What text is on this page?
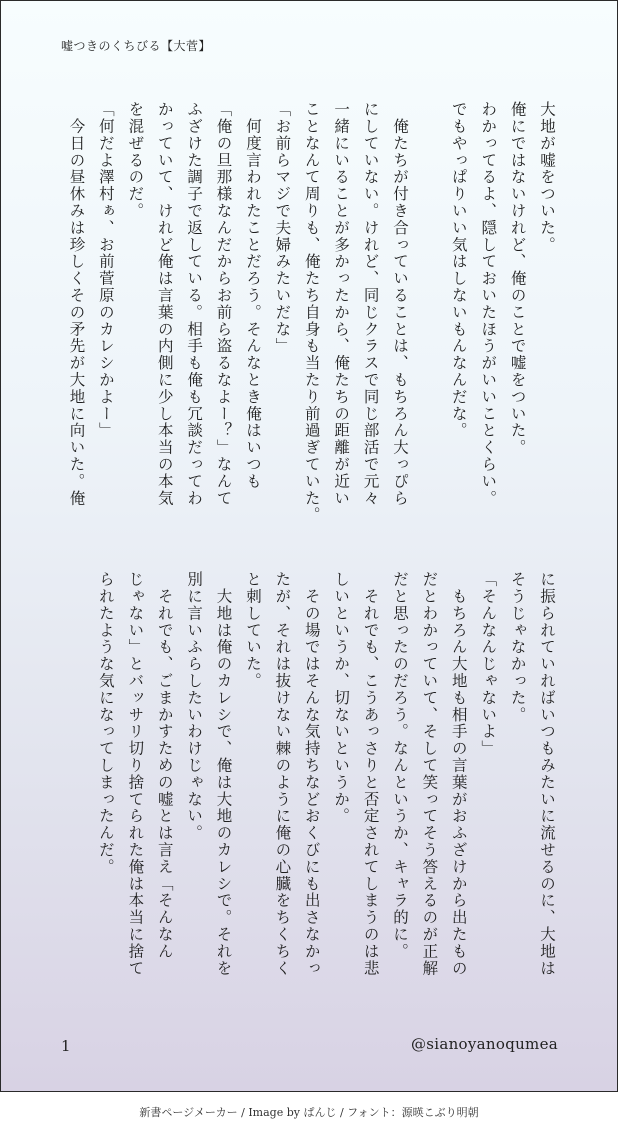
嘘つきのくちびる【大菅】

大地が嘘をついた。

俺にではないけれど、俺のことで嘘をついた。

わかってるよ、隠しておいたほうがいいことくらい。

でもやっぱりいい気はしないもんなんだな。

　俺たちが付き合っていることは、もちろん大っぴら

にしていない。けれど、同じクラスで同じ部活で元々

一緒にいることが多かったから、俺たちの距離が近い

ことなんて周りも、俺たち自身も当たり前過ぎていた。

「お前らマジで夫婦みたいだな」

　何度言われたことだろう。そんなとき俺はいつも

「俺の旦那様なんだからお前ら盗るなよー？」なんて

ふざけた調子で返している。相手も俺も冗談だってわ

かっていて、けれど俺は言葉の内側に少し本当の本気

を混ぜるのだ。

「何だよ澤村ぁ、お前菅原のカレシかよー」

　今日の昼休みは珍しくその矛先が大地に向いた。俺

に振られていればいつもみたいに流せるのに、大地は

そうじゃなかった。

「そんなんじゃないよ」

　もちろん大地も相手の言葉がおふざけから出たもの

だとわかっていて、そして笑ってそう答えるのが正解

だと思ったのだろう。なんというか、キャラ的に。

　それでも、こうあっさりと否定されてしまうのは悲

しいというか、切ないというか。

　その場ではそんな気持ちなどおくびにも出さなかっ

たが、それは抜けない棘のように俺の心臓をちくちく

と刺していた。

　大地は俺のカレシで、俺は大地のカレシで。それを

別に言いふらしたいわけじゃない。

　それでも、ごまかすための嘘とは言え「そんなん

じゃない」とバッサリ切り捨てられた俺は本当に捨て

られたような気になってしまったんだ。

1	@sianoyanoqumea
新書ページメーカー / Image by ぱんじ / フォント：源暎こぶり明朝
